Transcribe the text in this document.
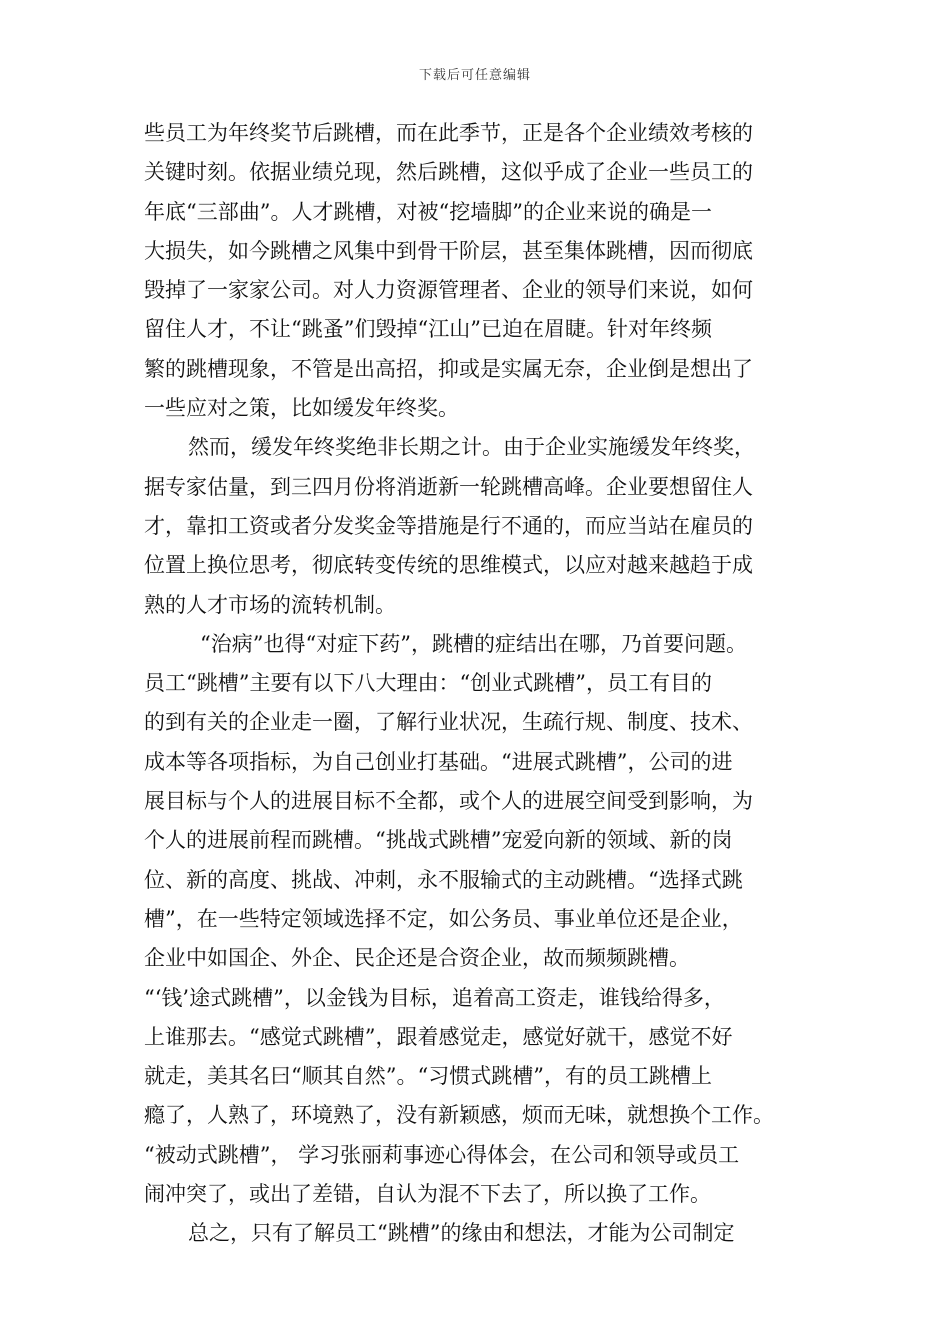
下载后可任意编辑
些员工为年终奖节后跳槽，而在此季节，正是各个企业绩效考核的
关键时刻。依据业绩兑现，然后跳槽，这似乎成了企业一些员工的
年底“三部曲”。人才跳槽，对被“挖墙脚”的企业来说的确是一
大损失，如今跳槽之风集中到骨干阶层，甚至集体跳槽，因而彻底
毁掉了一家家公司。对人力资源管理者、企业的领导们来说，如何
留住人才，不让“跳蚤”们毁掉“江山”已迫在眉睫。针对年终频
繁的跳槽现象，不管是出高招，抑或是实属无奈，企业倒是想出了
一些应对之策，比如缓发年终奖。
然而，缓发年终奖绝非长期之计。由于企业实施缓发年终奖，
据专家估量，到三四月份将消逝新一轮跳槽高峰。企业要想留住人
才，靠扣工资或者分发奖金等措施是行不通的，而应当站在雇员的
位置上换位思考，彻底转变传统的思维模式，以应对越来越趋于成
熟的人才市场的流转机制。
“治病”也得“对症下药”，跳槽的症结出在哪，乃首要问题。
员工“跳槽”主要有以下八大理由：“创业式跳槽”，员工有目的
的到有关的企业走一圈，了解行业状况，生疏行规、制度、技术、
成本等各项指标，为自己创业打基础。“进展式跳槽”，公司的进
展目标与个人的进展目标不全都，或个人的进展空间受到影响，为
个人的进展前程而跳槽。“挑战式跳槽”宠爱向新的领域、新的岗
位、新的高度、挑战、冲刺，永不服输式的主动跳槽。“选择式跳
槽”，在一些特定领域选择不定，如公务员、事业单位还是企业，
企业中如国企、外企、民企还是合资企业，故而频频跳槽。
“‘钱’途式跳槽”，以金钱为目标，追着高工资走，谁钱给得多，
上谁那去。“感觉式跳槽”，跟着感觉走，感觉好就干，感觉不好
就走，美其名曰“顺其自然”。“习惯式跳槽”，有的员工跳槽上
瘾了，人熟了，环境熟了，没有新颖感，烦而无味，就想换个工作。
“被动式跳槽”， 学习张丽莉事迹心得体会，在公司和领导或员工
闹冲突了，或出了差错，自认为混不下去了，所以换了工作。
总之，只有了解员工“跳槽”的缘由和想法，才能为公司制定
